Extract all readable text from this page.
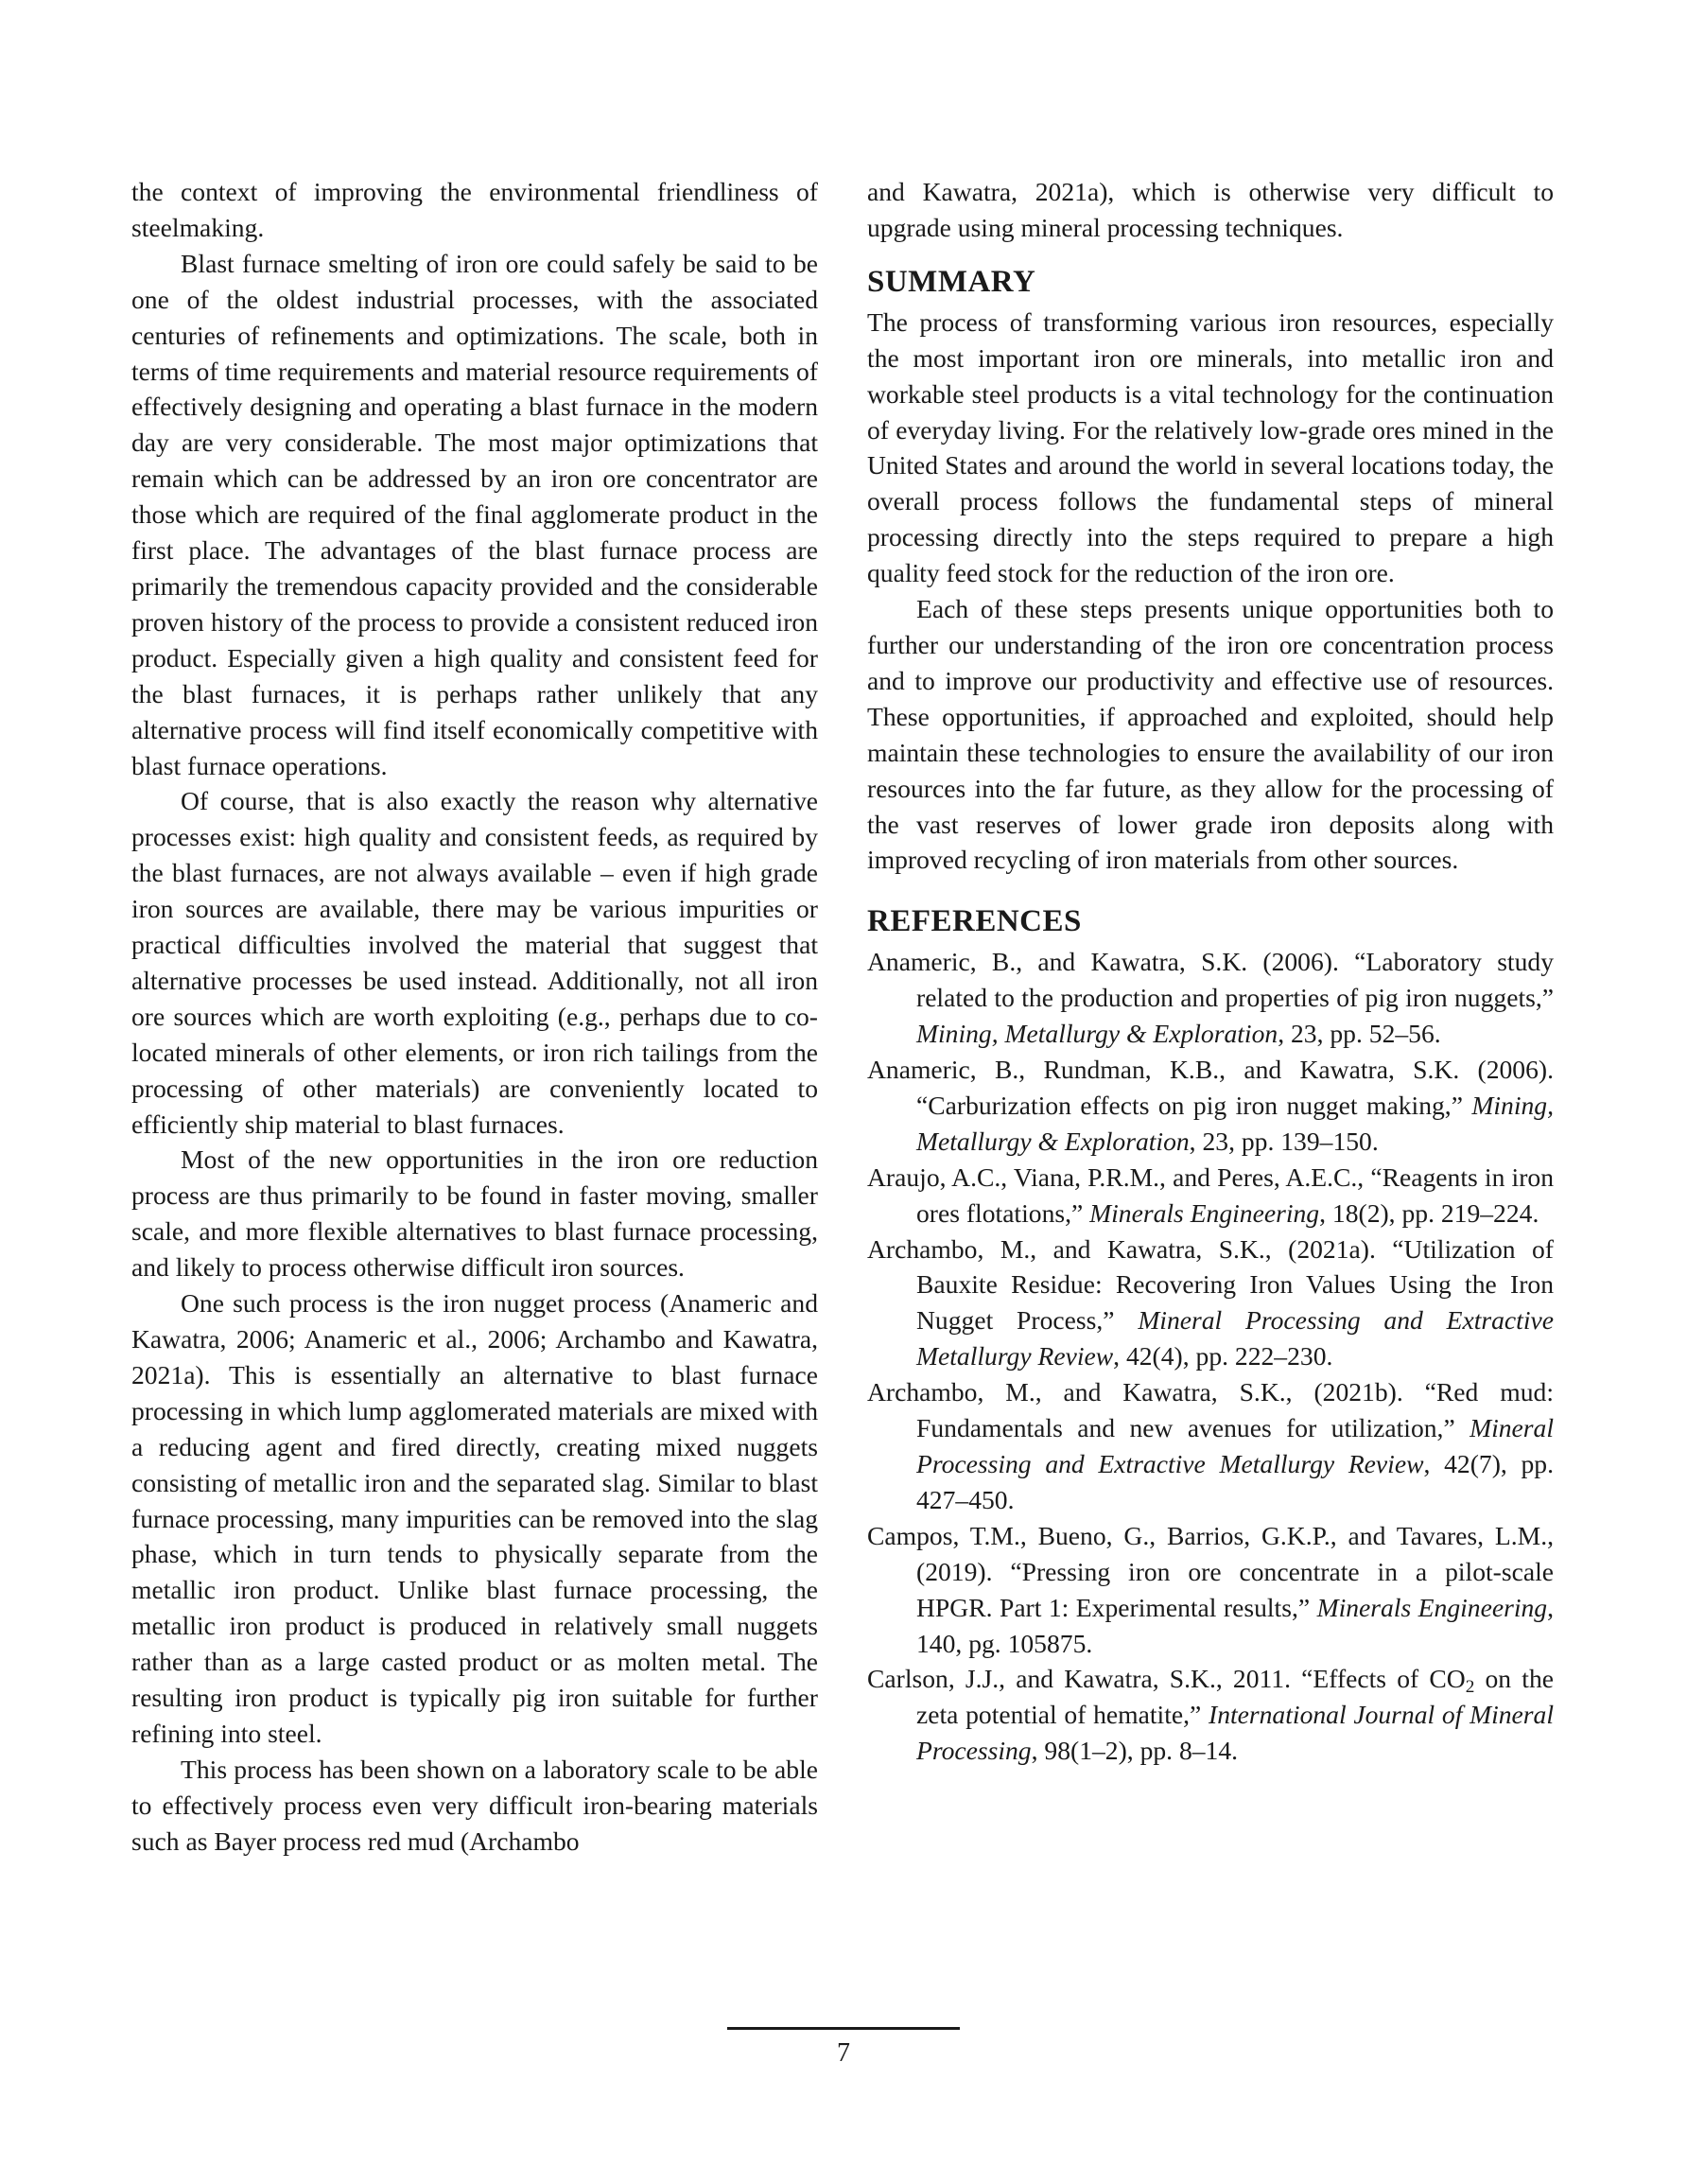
the context of improving the environmental friendliness of steelmaking.

Blast furnace smelting of iron ore could safely be said to be one of the oldest industrial processes, with the associated centuries of refinements and optimizations. The scale, both in terms of time requirements and material resource requirements of effectively designing and operating a blast furnace in the modern day are very considerable. The most major optimizations that remain which can be addressed by an iron ore concentrator are those which are required of the final agglomerate product in the first place. The advantages of the blast furnace process are primarily the tremendous capacity provided and the considerable proven history of the process to provide a consistent reduced iron product. Especially given a high quality and consistent feed for the blast furnaces, it is perhaps rather unlikely that any alternative process will find itself economically competitive with blast furnace operations.

Of course, that is also exactly the reason why alternative processes exist: high quality and consistent feeds, as required by the blast furnaces, are not always available – even if high grade iron sources are available, there may be various impurities or practical difficulties involved the material that suggest that alternative processes be used instead. Additionally, not all iron ore sources which are worth exploiting (e.g., perhaps due to co-located minerals of other elements, or iron rich tailings from the processing of other materials) are conveniently located to efficiently ship material to blast furnaces.

Most of the new opportunities in the iron ore reduction process are thus primarily to be found in faster moving, smaller scale, and more flexible alternatives to blast furnace processing, and likely to process otherwise difficult iron sources.

One such process is the iron nugget process (Anameric and Kawatra, 2006; Anameric et al., 2006; Archambo and Kawatra, 2021a). This is essentially an alternative to blast furnace processing in which lump agglomerated materials are mixed with a reducing agent and fired directly, creating mixed nuggets consisting of metallic iron and the separated slag. Similar to blast furnace processing, many impurities can be removed into the slag phase, which in turn tends to physically separate from the metallic iron product. Unlike blast furnace processing, the metallic iron product is produced in relatively small nuggets rather than as a large casted product or as molten metal. The resulting iron product is typically pig iron suitable for further refining into steel.

This process has been shown on a laboratory scale to be able to effectively process even very difficult iron-bearing materials such as Bayer process red mud (Archambo

and Kawatra, 2021a), which is otherwise very difficult to upgrade using mineral processing techniques.

SUMMARY

The process of transforming various iron resources, especially the most important iron ore minerals, into metallic iron and workable steel products is a vital technology for the continuation of everyday living. For the relatively low-grade ores mined in the United States and around the world in several locations today, the overall process follows the fundamental steps of mineral processing directly into the steps required to prepare a high quality feed stock for the reduction of the iron ore.

Each of these steps presents unique opportunities both to further our understanding of the iron ore concentration process and to improve our productivity and effective use of resources. These opportunities, if approached and exploited, should help maintain these technologies to ensure the availability of our iron resources into the far future, as they allow for the processing of the vast reserves of lower grade iron deposits along with improved recycling of iron materials from other sources.

REFERENCES

Anameric, B., and Kawatra, S.K. (2006). “Laboratory study related to the production and properties of pig iron nuggets,” Mining, Metallurgy & Exploration, 23, pp. 52–56.

Anameric, B., Rundman, K.B., and Kawatra, S.K. (2006). “Carburization effects on pig iron nugget making,” Mining, Metallurgy & Exploration, 23, pp. 139–150.

Araujo, A.C., Viana, P.R.M., and Peres, A.E.C., “Reagents in iron ores flotations,” Minerals Engineering, 18(2), pp. 219–224.

Archambo, M., and Kawatra, S.K., (2021a). “Utilization of Bauxite Residue: Recovering Iron Values Using the Iron Nugget Process,” Mineral Processing and Extractive Metallurgy Review, 42(4), pp. 222–230.

Archambo, M., and Kawatra, S.K., (2021b). “Red mud: Fundamentals and new avenues for utilization,” Mineral Processing and Extractive Metallurgy Review, 42(7), pp. 427–450.

Campos, T.M., Bueno, G., Barrios, G.K.P., and Tavares, L.M., (2019). “Pressing iron ore concentrate in a pilot-scale HPGR. Part 1: Experimental results,” Minerals Engineering, 140, pg. 105875.

Carlson, J.J., and Kawatra, S.K., 2011. “Effects of $CO_2$ on the zeta potential of hematite,” International Journal of Mineral Processing, 98(1–2), pp. 8–14.

7
